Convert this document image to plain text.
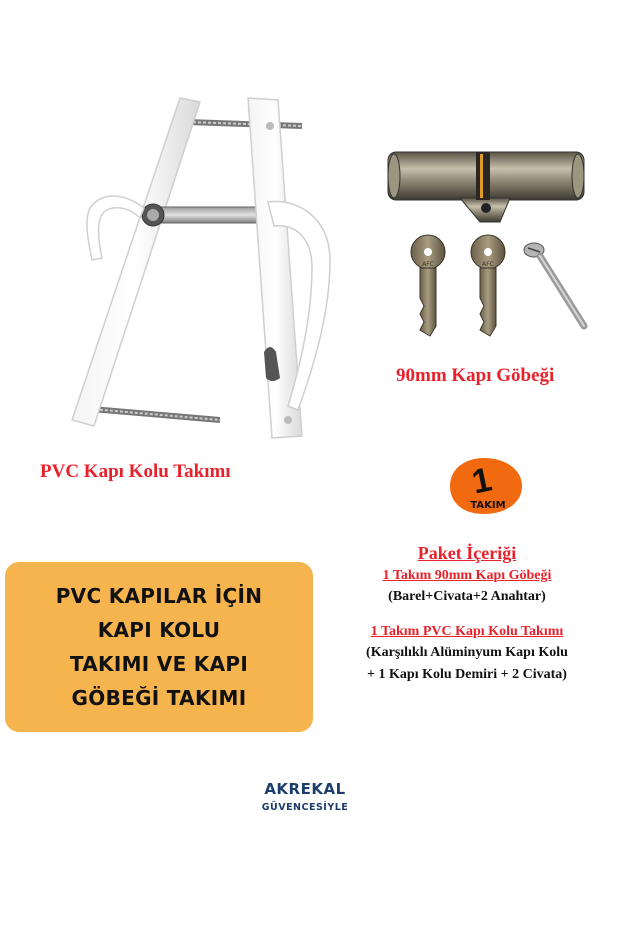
AFC	AFC
PVC Kapı Kolu Takımı
90mm Kapı Göbeği
1
TAKIM
PVC KAPILAR İÇİN
KAPI KOLU
TAKIMI VE KAPI
GÖBEĞİ TAKIMI
Paket İçeriği
1 Takım 90mm Kapı Göbeği
(Barel+Civata+2 Anahtar)
1 Takım PVC Kapı Kolu Takımı
(Karşılıklı Alüminyum Kapı Kolu
+ 1 Kapı Kolu Demiri + 2 Civata)
AKREKAL
GÜVENCESİYLE
